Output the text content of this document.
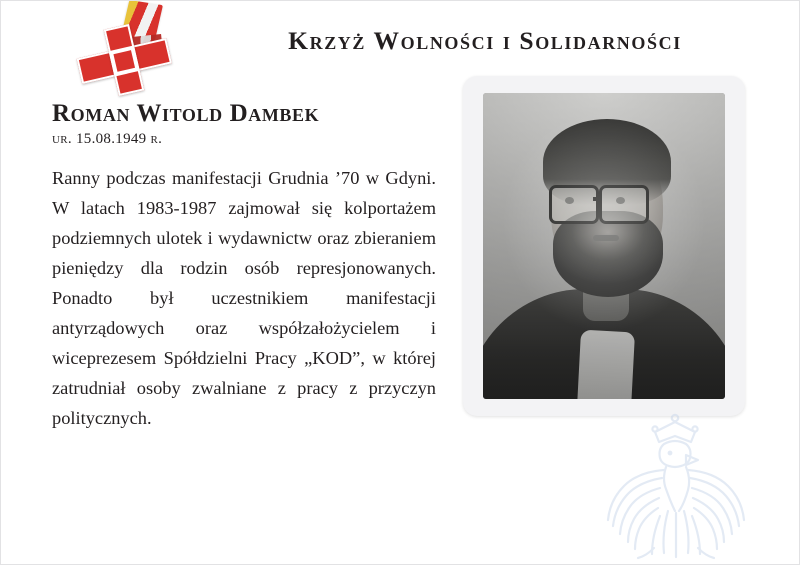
Krzyż Wolności i Solidarności
Roman Witold Dambek
ur. 15.08.1949 r.
Ranny podczas manifestacji Grudnia ’70 w Gdyni. W latach 1983-1987 zajmował się kolportażem podziemnych ulotek i wydawnictw oraz zbieraniem pieniędzy dla rodzin osób represjonowanych. Ponadto był uczestnikiem manifestacji antyrządowych oraz współzałożycielem i wiceprezesem Spółdzielni Pracy „KOD”, w której zatrudniał osoby zwalniane z pracy z przyczyn politycznych.
